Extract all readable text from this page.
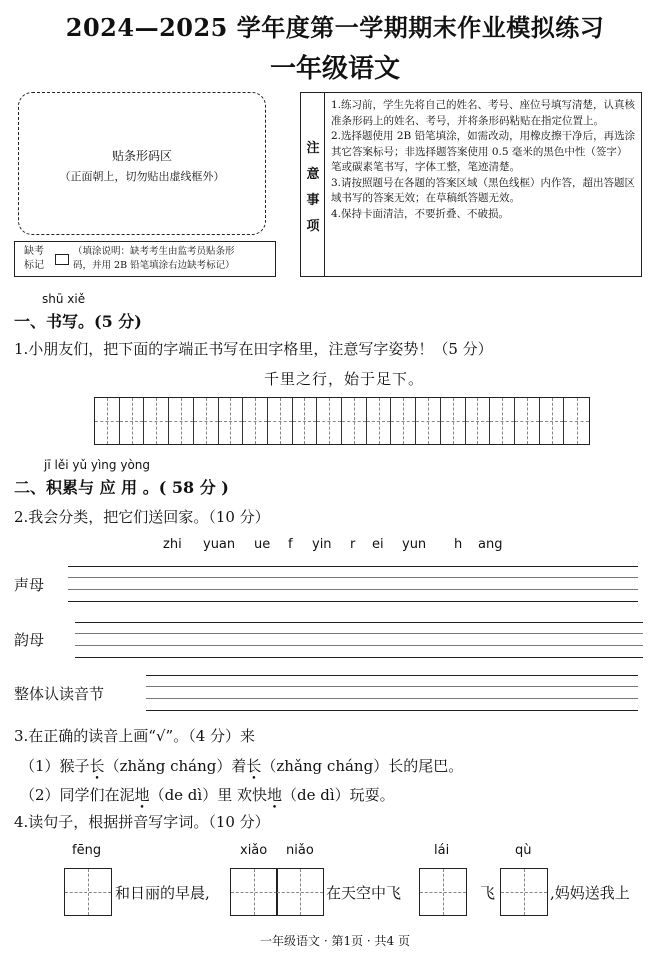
2024—2025 学年度第一学期期末作业模拟练习
一年级语文
贴条形码区
（正面朝上，切勿贴出虚线框外）
缺考
标记
（填涂说明：缺考考生由监考员贴条形
码，并用 2B 铅笔填涂右边缺考标记）
注
意
事
项

1.练习前，学生先将自己的姓名、考号、座位号填写清楚，认真核准条形码上的姓名、考号，并将条形码粘贴在指定位置上。

2.选择题使用 2B 铅笔填涂，如需改动，用橡皮擦干净后，再选涂其它答案标号；非选择题答案使用 0.5 毫米的黑色中性（签字）笔或碳素笔书写，字体工整，笔迹清楚。

3.请按照题号在各题的答案区域（黑色线框）内作答，超出答题区域书写的答案无效；在草稿纸答题无效。

4.保持卡面清洁，不要折叠、不破损。

shū xiě
一、书写。(5 分)
1.小朋友们，把下面的字端正书写在田字格里，注意写字姿势！（5 分）
千里之行，始于足下。
jī lěi yǔ yìng yòng
二、积累与 应 用 。( 58 分 )
2.我会分类，把它们送回家。（10 分）
zhi yuan ue f yin r ei yun h ang
声母
韵母
整体认读音节
3.在正确的读音上画“√”。（4 分）来
（1）猴子长（zhǎng cháng）着长（zhǎng cháng）长的尾巴。
（2）同学们在泥地（de dì）里 欢快地（de dì）玩耍。
4.读句子，根据拼音写字词。（10 分）
fēng	xiǎo niǎo	lái	qù
和日丽的早晨,	在天空中飞	飞	,妈妈送我上
一年级语文 · 第1页 · 共4 页
